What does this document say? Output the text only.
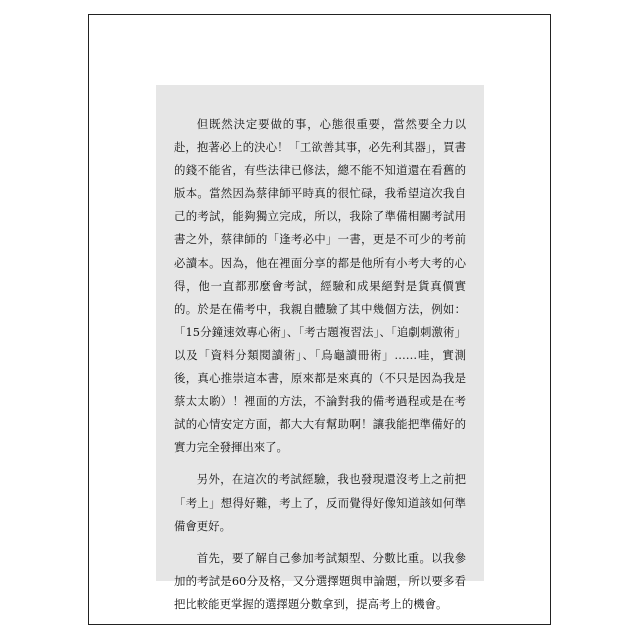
但既然決定要做的事，心態很重要，當然要全力以赴，抱著必上的決心！「工欲善其事，必先利其器」，買書的錢不能省，有些法律已修法，總不能不知道還在看舊的版本。當然因為蔡律師平時真的很忙碌，我希望這次我自己的考試，能夠獨立完成，所以，我除了準備相關考試用書之外，蔡律師的「逢考必中」一書，更是不可少的考前必讀本。因為，他在裡面分享的都是他所有小考大考的心得，他一直都那麼會考試，經驗和成果絕對是貨真價實的。於是在備考中，我親自體驗了其中幾個方法，例如：「15分鐘速效專心術」、「考古題複習法」、「追劇刺激術」以及「資料分類閱讀術」、「烏龜讀冊術」……哇，實測後，真心推崇這本書，原來都是來真的（不只是因為我是蔡太太喲）！裡面的方法，不論對我的備考過程或是在考試的心情安定方面，都大大有幫助啊！讓我能把準備好的實力完全發揮出來了。

另外，在這次的考試經驗，我也發現還沒考上之前把「考上」想得好難，考上了，反而覺得好像知道該如何準備會更好。

首先，要了解自己參加考試類型、分數比重。以我參加的考試是60分及格，又分選擇題與申論題，所以要多看把比較能更掌握的選擇題分數拿到，提高考上的機會。
